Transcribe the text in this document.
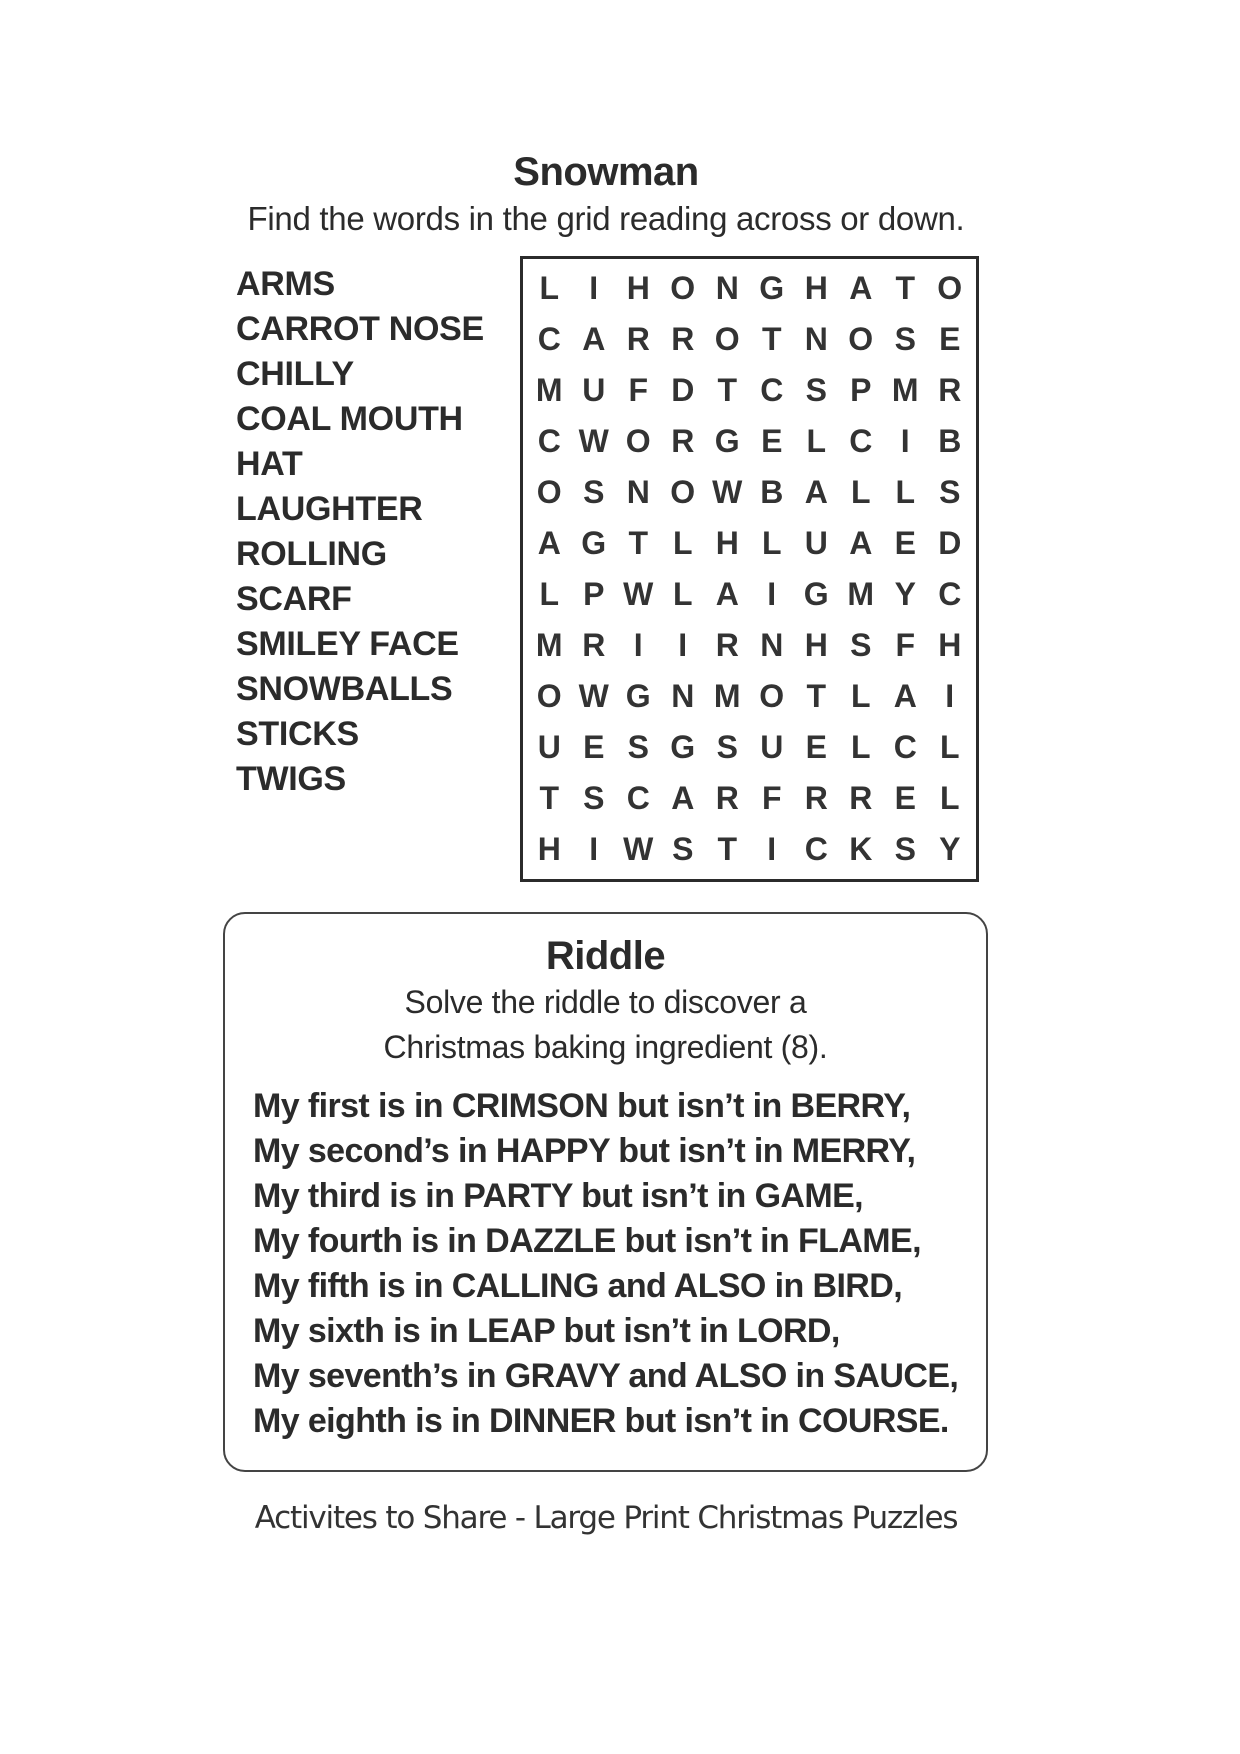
Snowman
Find the words in the grid reading across or down.
ARMS
CARROT NOSE
CHILLY
COAL MOUTH
HAT
LAUGHTER
ROLLING
SCARF
SMILEY FACE
SNOWBALLS
STICKS
TWIGS
L I H O N G H A T O
C A R R O T N O S E
M U F D T C S P M R
C W O R G E L C I B
O S N O W B A L L S
A G T L H L U A E D
L P W L A I G M Y C
M R I	I R N H S F H
O W G N M O T L A I
U E S G S U E L C L
T S C A R F R R E L
H I W S T I C K S Y
Riddle
Solve the riddle to discover a
Christmas baking ingredient (8).
My first is in CRIMSON but isn’t in BERRY,
My second’s in HAPPY but isn’t in MERRY,
My third is in PARTY but isn’t in GAME,
My fourth is in DAZZLE but isn’t in FLAME,
My fifth is in CALLING and ALSO in BIRD,
My sixth is in LEAP but isn’t in LORD,
My seventh’s in GRAVY and ALSO in SAUCE,
My eighth is in DINNER but isn’t in COURSE.
Activites to Share - Large Print Christmas Puzzles
